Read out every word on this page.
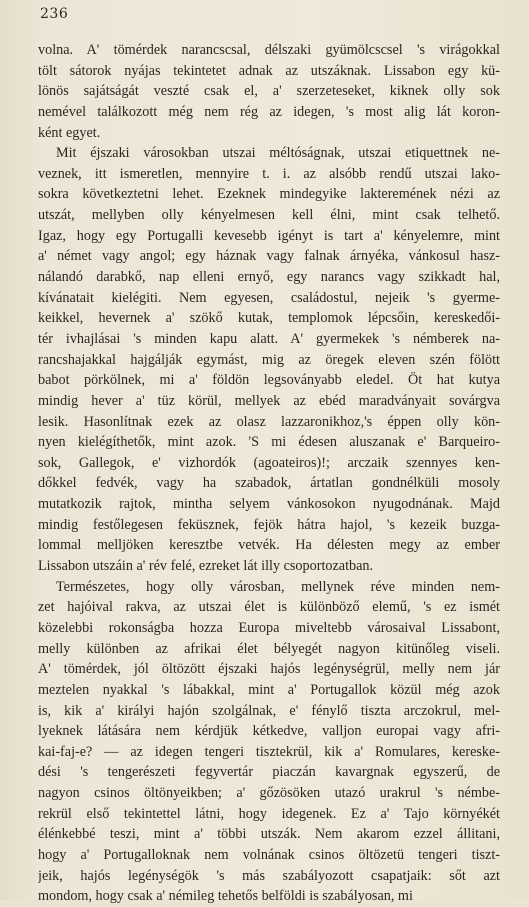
236
volna. A' tömérdek narancscsal, délszaki gyümölcscsel 's virágokkal
tölt sátorok nyájas tekintetet adnak az utszáknak. Lissabon egy kü-
lönös sajátságát veszté csak el, a' szerzeteseket, kiknek olly sok
nemével találkozott még nem rég az idegen, 's most alig lát koron-
ként egyet.
Mit éjszaki városokban utszai méltóságnak, utszai etiquettnek ne-
veznek, itt ismeretlen, mennyire t. i. az alsóbb rendű utszai lako-
sokra következtetni lehet. Ezeknek mindegyike lakteremének nézi az
utszát, mellyben olly kényelmesen kell élni, mint csak telhető.
Igaz, hogy egy Portugalli kevesebb igényt is tart a' kényelemre, mint
a' német vagy angol; egy háznak vagy falnak árnyéka, vánkosul hasz-
nálandó darabkő, nap elleni ernyő, egy narancs vagy szikkadt hal,
kívánatait kielégiti. Nem egyesen, családostul, nejeik 's gyerme-
keikkel, hevernek a' szökő kutak, templomok lépcsőin, kereskedői-
tér ivhajlásai 's minden kapu alatt. A' gyermekek 's némberek na-
rancshajakkal hajgálják egymást, mig az öregek eleven szén fölött
babot pörkölnek, mi a' földön legsoványabb eledel. Öt hat kutya
mindig hever a' tüz körül, mellyek az ebéd maradványait sovárgva
lesik. Hasonlítnak ezek az olasz lazzaronikhoz,'s éppen olly kön-
nyen kielégíthetők, mint azok. 'S mi édesen aluszanak e' Barqueiro-
sok, Gallegok, e' vizhordók (agoateiros)!; arczaik szennyes ken-
dőkkel fedvék, vagy ha szabadok, ártatlan gondnélküli mosoly
mutatkozik rajtok, mintha selyem vánkosokon nyugodnának. Majd
mindig festőlegesen feküsznek, fejök hátra hajol, 's kezeik buzga-
lommal melljöken keresztbe vetvék. Ha délesten megy az ember
Lissabon utszáin a' rév felé, ezreket lát illy csoportozatban.
Természetes, hogy olly városban, mellynek réve minden nem-
zet hajóival rakva, az utszai élet is különböző elemű, 's ez ismét
közelebbi rokonságba hozza Europa miveltebb városaival Lissabont,
melly különben az afrikai élet bélyegét nagyon kitünőleg viseli.
A' tömérdek, jól öltözött éjszaki hajós legénységrül, melly nem jár
meztelen nyakkal 's lábakkal, mint a' Portugallok közül még azok
is, kik a' királyi hajón szolgálnak, e' fénylő tiszta arczokrul, mel-
lyeknek látására nem kérdjük kétkedve, valljon europai vagy afri-
kai-faj-e? — az idegen tengeri tisztekrül, kik a' Romulares, kereske-
dési 's tengerészeti fegyvertár piaczán kavargnak egyszerű, de
nagyon csinos öltönyeikben; a' gőzösöken utazó urakrul 's némbe-
rekrül első tekintettel látni, hogy idegenek. Ez a' Tajo környékét
élénkebbé teszi, mint a' többi utszák. Nem akarom ezzel állitani,
hogy a' Portugalloknak nem volnának csinos öltözetü tengeri tiszt-
jeik, hajós legénységök 's más szabályozott csapatjaik: sőt azt
mondom, hogy csak a' némileg tehetős belföldi is szabályosan, mi
